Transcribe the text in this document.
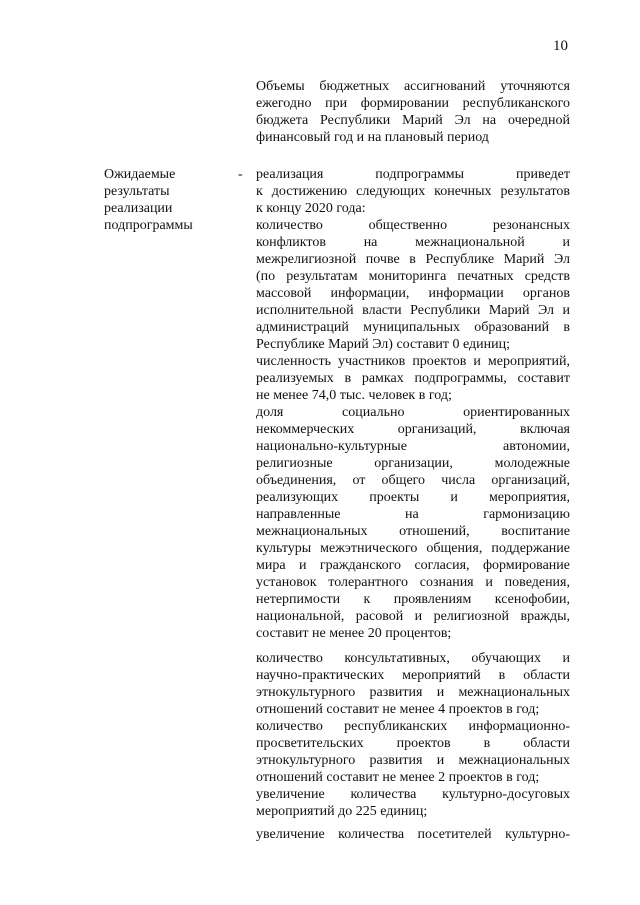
10
Объемы бюджетных ассигнований уточняются
ежегодно при формировании республиканского
бюджета Республики Марий Эл на очередной
финансовый год и на плановый период
Ожидаемые
результаты
реализации
подпрограммы
- реализация подпрограммы приведет
к достижению следующих конечных результатов
к концу 2020 года:
количество общественно резонансных
конфликтов на межнациональной и
межрелигиозной почве в Республике Марий Эл
(по результатам мониторинга печатных средств
массовой информации, информации органов
исполнительной власти Республики Марий Эл и
администраций муниципальных образований в
Республике Марий Эл) составит 0 единиц;
численность участников проектов и мероприятий,
реализуемых в рамках подпрограммы, составит
не менее 74,0 тыс. человек в год;
доля социально ориентированных
некоммерческих организаций, включая
национально-культурные автономии,
религиозные организации, молодежные
объединения, от общего числа организаций,
реализующих проекты и мероприятия,
направленные на гармонизацию
межнациональных отношений, воспитание
культуры межэтнического общения, поддержание
мира и гражданского согласия, формирование
установок толерантного сознания и поведения,
нетерпимости к проявлениям ксенофобии,
национальной, расовой и религиозной вражды,
составит не менее 20 процентов;
количество консультативных, обучающих и
научно-практических мероприятий в области
этнокультурного развития и межнациональных
отношений составит не менее 4 проектов в год;
количество республиканских информационно-
просветительских проектов в области
этнокультурного развития и межнациональных
отношений составит не менее 2 проектов в год;
увеличение количества культурно-досуговых
мероприятий до 225 единиц;
увеличение количества посетителей культурно-
